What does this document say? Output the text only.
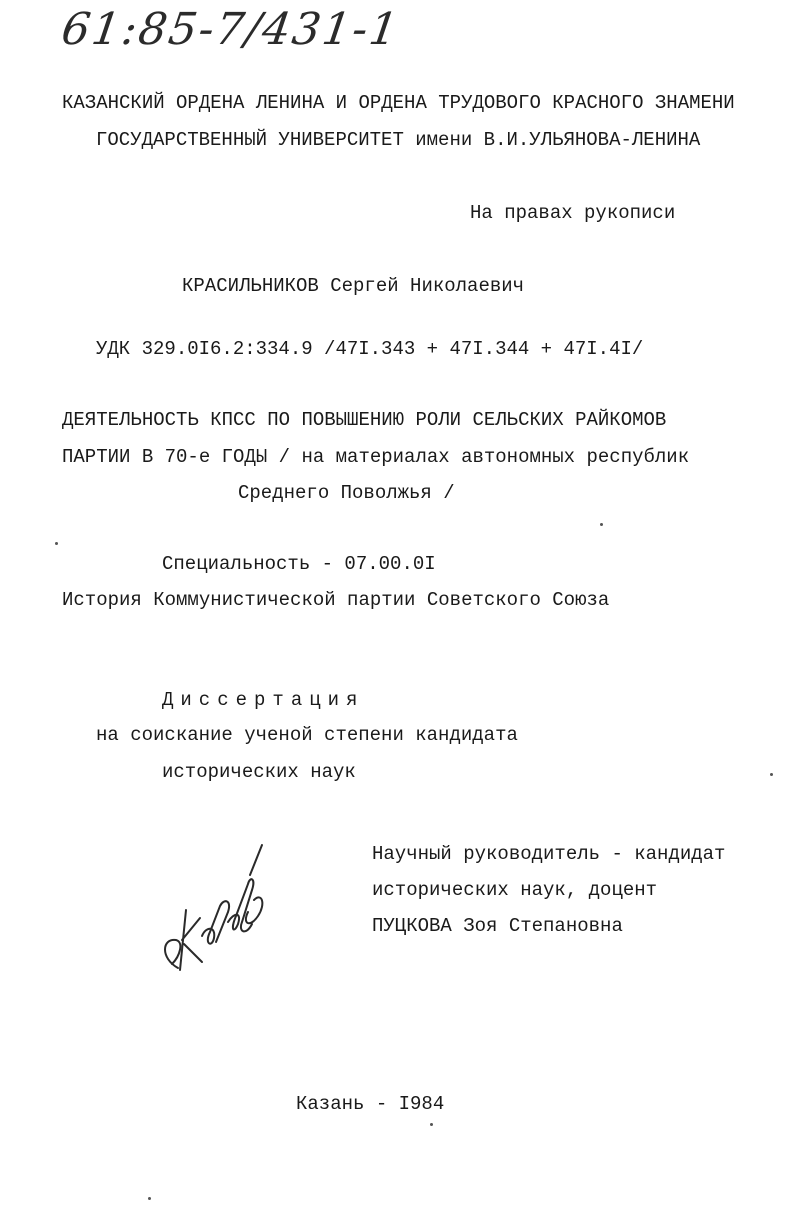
61:85-7/431-1
КАЗАНСКИЙ ОРДЕНА ЛЕНИНА И ОРДЕНА ТРУДОВОГО КРАСНОГО ЗНАМЕНИ
ГОСУДАРСТВЕННЫЙ УНИВЕРСИТЕТ имени В.И.УЛЬЯНОВА-ЛЕНИНА
На правах рукописи
КРАСИЛЬНИКОВ Сергей Николаевич
УДК 329.0I6.2:334.9 /47I.343 + 47I.344 + 47I.4I/
ДЕЯТЕЛЬНОСТЬ КПСС ПО ПОВЫШЕНИЮ РОЛИ СЕЛЬСКИХ РАЙКОМОВ
ПАРТИИ В 70-е ГОДЫ / на материалах автономных республик
Среднего Поволжья /
Специальность - 07.00.0I
История Коммунистической партии Советского Союза
Диссертация
на соискание ученой степени кандидата
исторических наук
Научный руководитель - кандидат
исторических наук, доцент
ПУЦКОВА Зоя Степановна
Казань - I984
